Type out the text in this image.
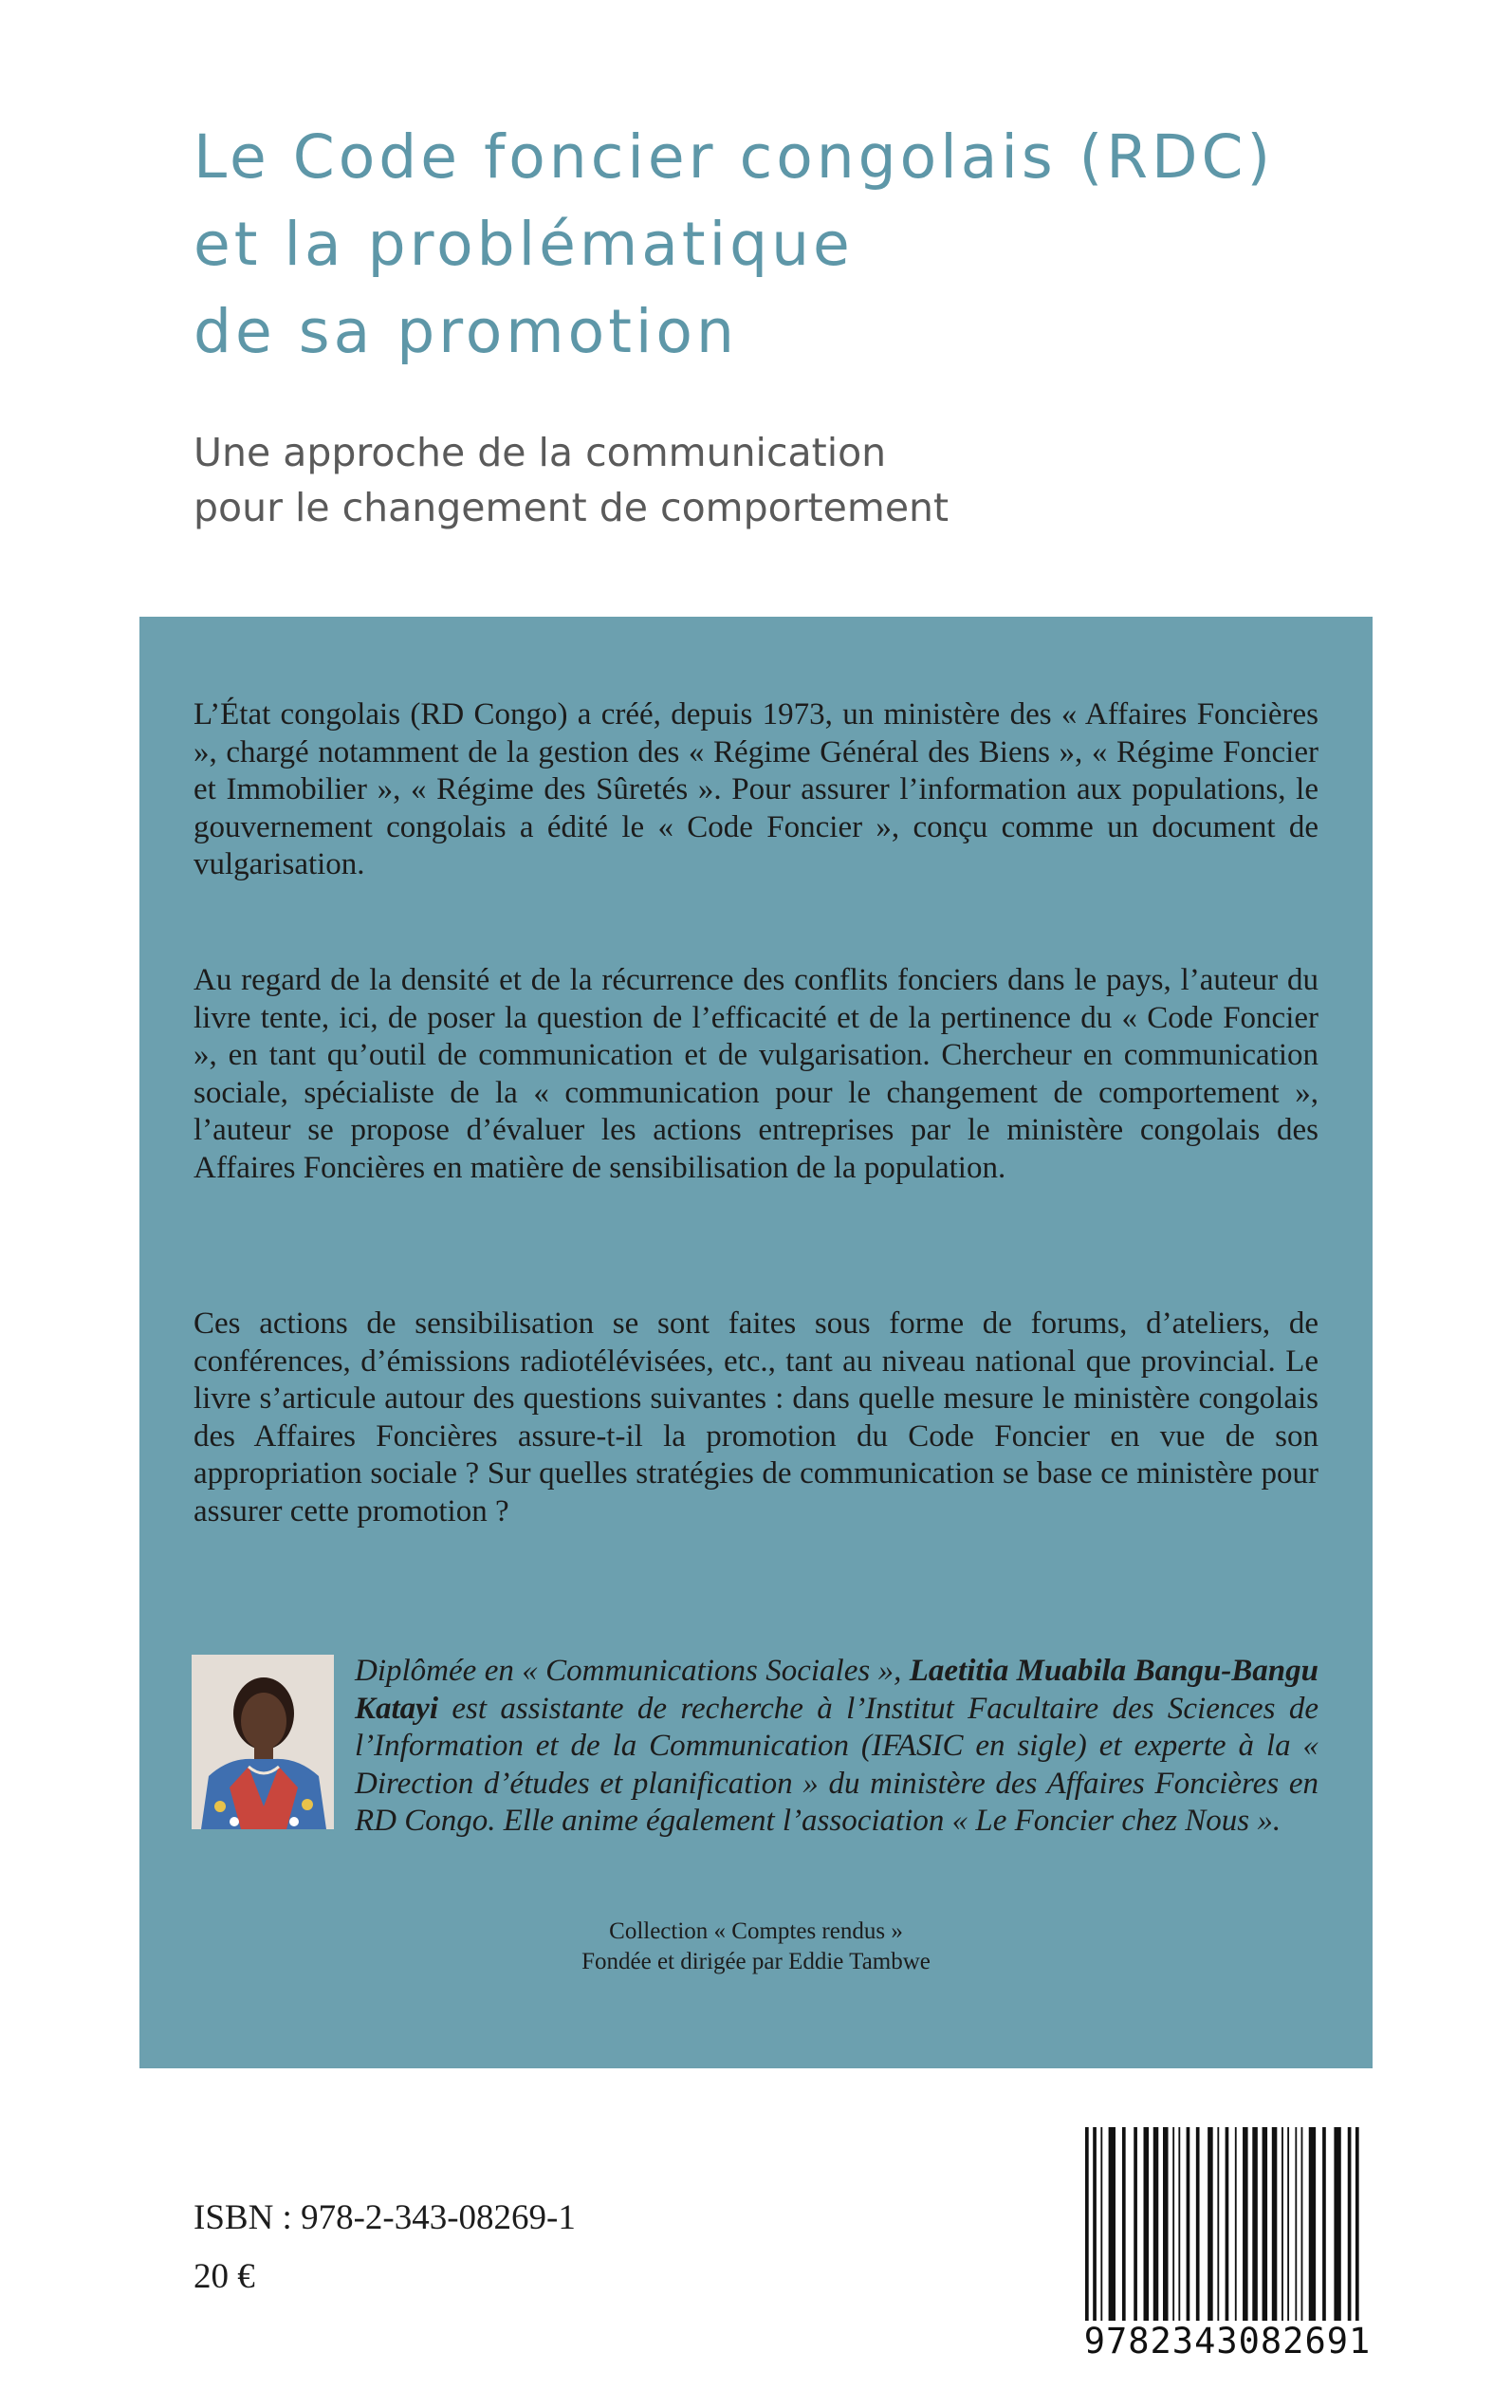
Le Code foncier congolais (RDC)
et la problématique
de sa promotion
Une approche de la communication
pour le changement de comportement

L’État congolais (RD Congo) a créé, depuis 1973, un ministère des « Affaires Foncières », chargé notamment de la gestion des « Régime Général des Biens », « Régime Foncier et Immobilier », « Régime des Sûretés ». Pour assurer l’information aux populations, le gouvernement congolais a édité le « Code Foncier », conçu comme un document de vulgarisation.

Au regard de la densité et de la récurrence des conflits fonciers dans le pays, l’auteur du livre tente, ici, de poser la question de l’efficacité et de la pertinence du « Code Foncier », en tant qu’outil de communication et de vulgarisation. Chercheur en communication sociale, spécialiste de la « communication pour le changement de comportement », l’auteur se propose d’évaluer les actions entreprises par le ministère congolais des Affaires Foncières en matière de sensibilisation de la population.

Ces actions de sensibilisation se sont faites sous forme de forums, d’ateliers, de conférences, d’émissions radiotélévisées, etc., tant au niveau national que provincial. Le livre s’articule autour des questions suivantes : dans quelle mesure le ministère congolais des Affaires Foncières assure-t-il la promotion du Code Foncier en vue de son appropriation sociale ? Sur quelles stratégies de communication se base ce ministère pour assurer cette promotion ?

Diplômée en « Communications Sociales », Laetitia Muabila Bangu-Bangu Katayi est assistante de recherche à l’Institut Facultaire des Sciences de l’Information et de la Communication (IFASIC en sigle) et experte à la « Direction d’études et planification » du ministère des Affaires Foncières en RD Congo. Elle anime également l’association « Le Foncier chez Nous ».

Collection « Comptes rendus »

Fondée et dirigée par Eddie Tambwe

ISBN : 978-2-343-08269-1
20 €
9782343082691
